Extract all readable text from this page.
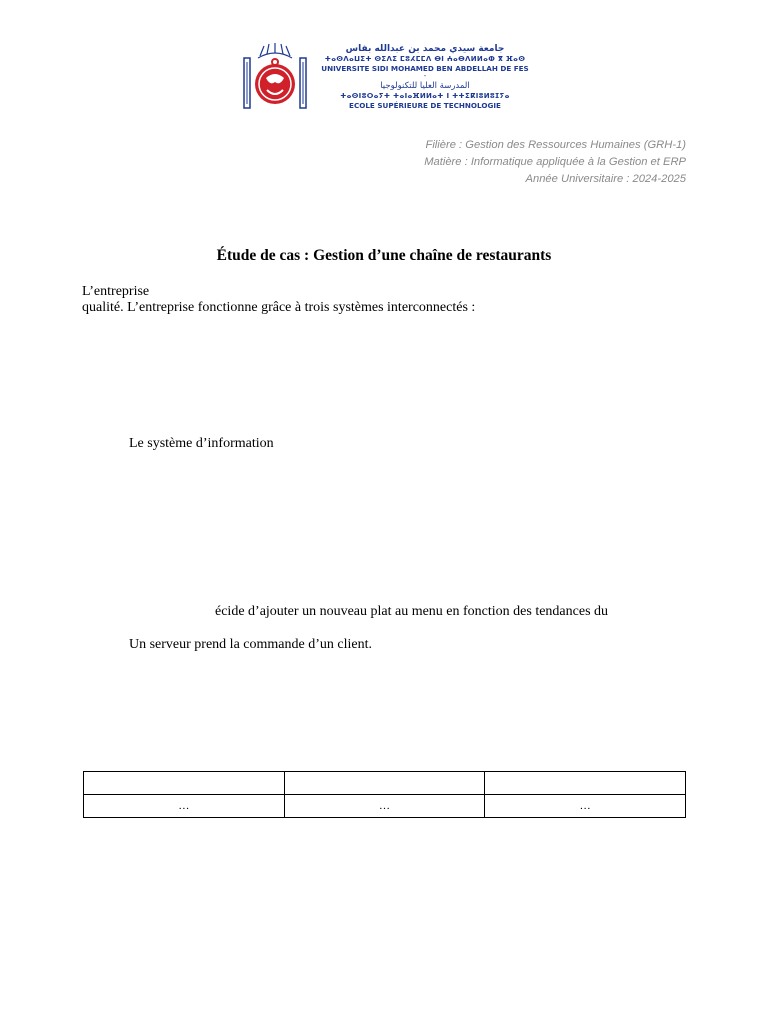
جامعة سيدي محمد بن عبدالله بفاس
ⵜⴰⵙⴷⴰⵡⵉⵜ ⵙⵉⴷⵉ ⵎⵓⵃⵎⵎⴷ ⴱⵏ ⵄⴰⴱⴷⵍⵍⴰⵀ ⴳ ⴼⴰⵙ
UNIVERSITE SIDI MOHAMED BEN ABDELLAH DE FES
-
المدرسة العليا للتكنولوجيا
ⵜⴰⵙⵏⵓⵔⴰⵢⵜ ⵜⴰⵏⴰⴼⵍⵍⴰⵜ ⵏ ⵜⵜⵉⴽⵏⵓⵍⵓⵊⵢⴰ
ECOLE SUPÉRIEURE DE TECHNOLOGIE
Filière : Gestion des Ressources Humaines (GRH-1)
Matière : Informatique appliquée à la Gestion et ERP
Année Universitaire : 2024-2025
Étude de cas : Gestion d’une chaîne de restaurants
L’entreprise
qualité. L’entreprise fonctionne grâce à trois systèmes interconnectés :
Le système d’information
écide d’ajouter un nouveau plat au menu en fonction des tendances du
Un serveur prend la commande d’un client.

…	…	…
